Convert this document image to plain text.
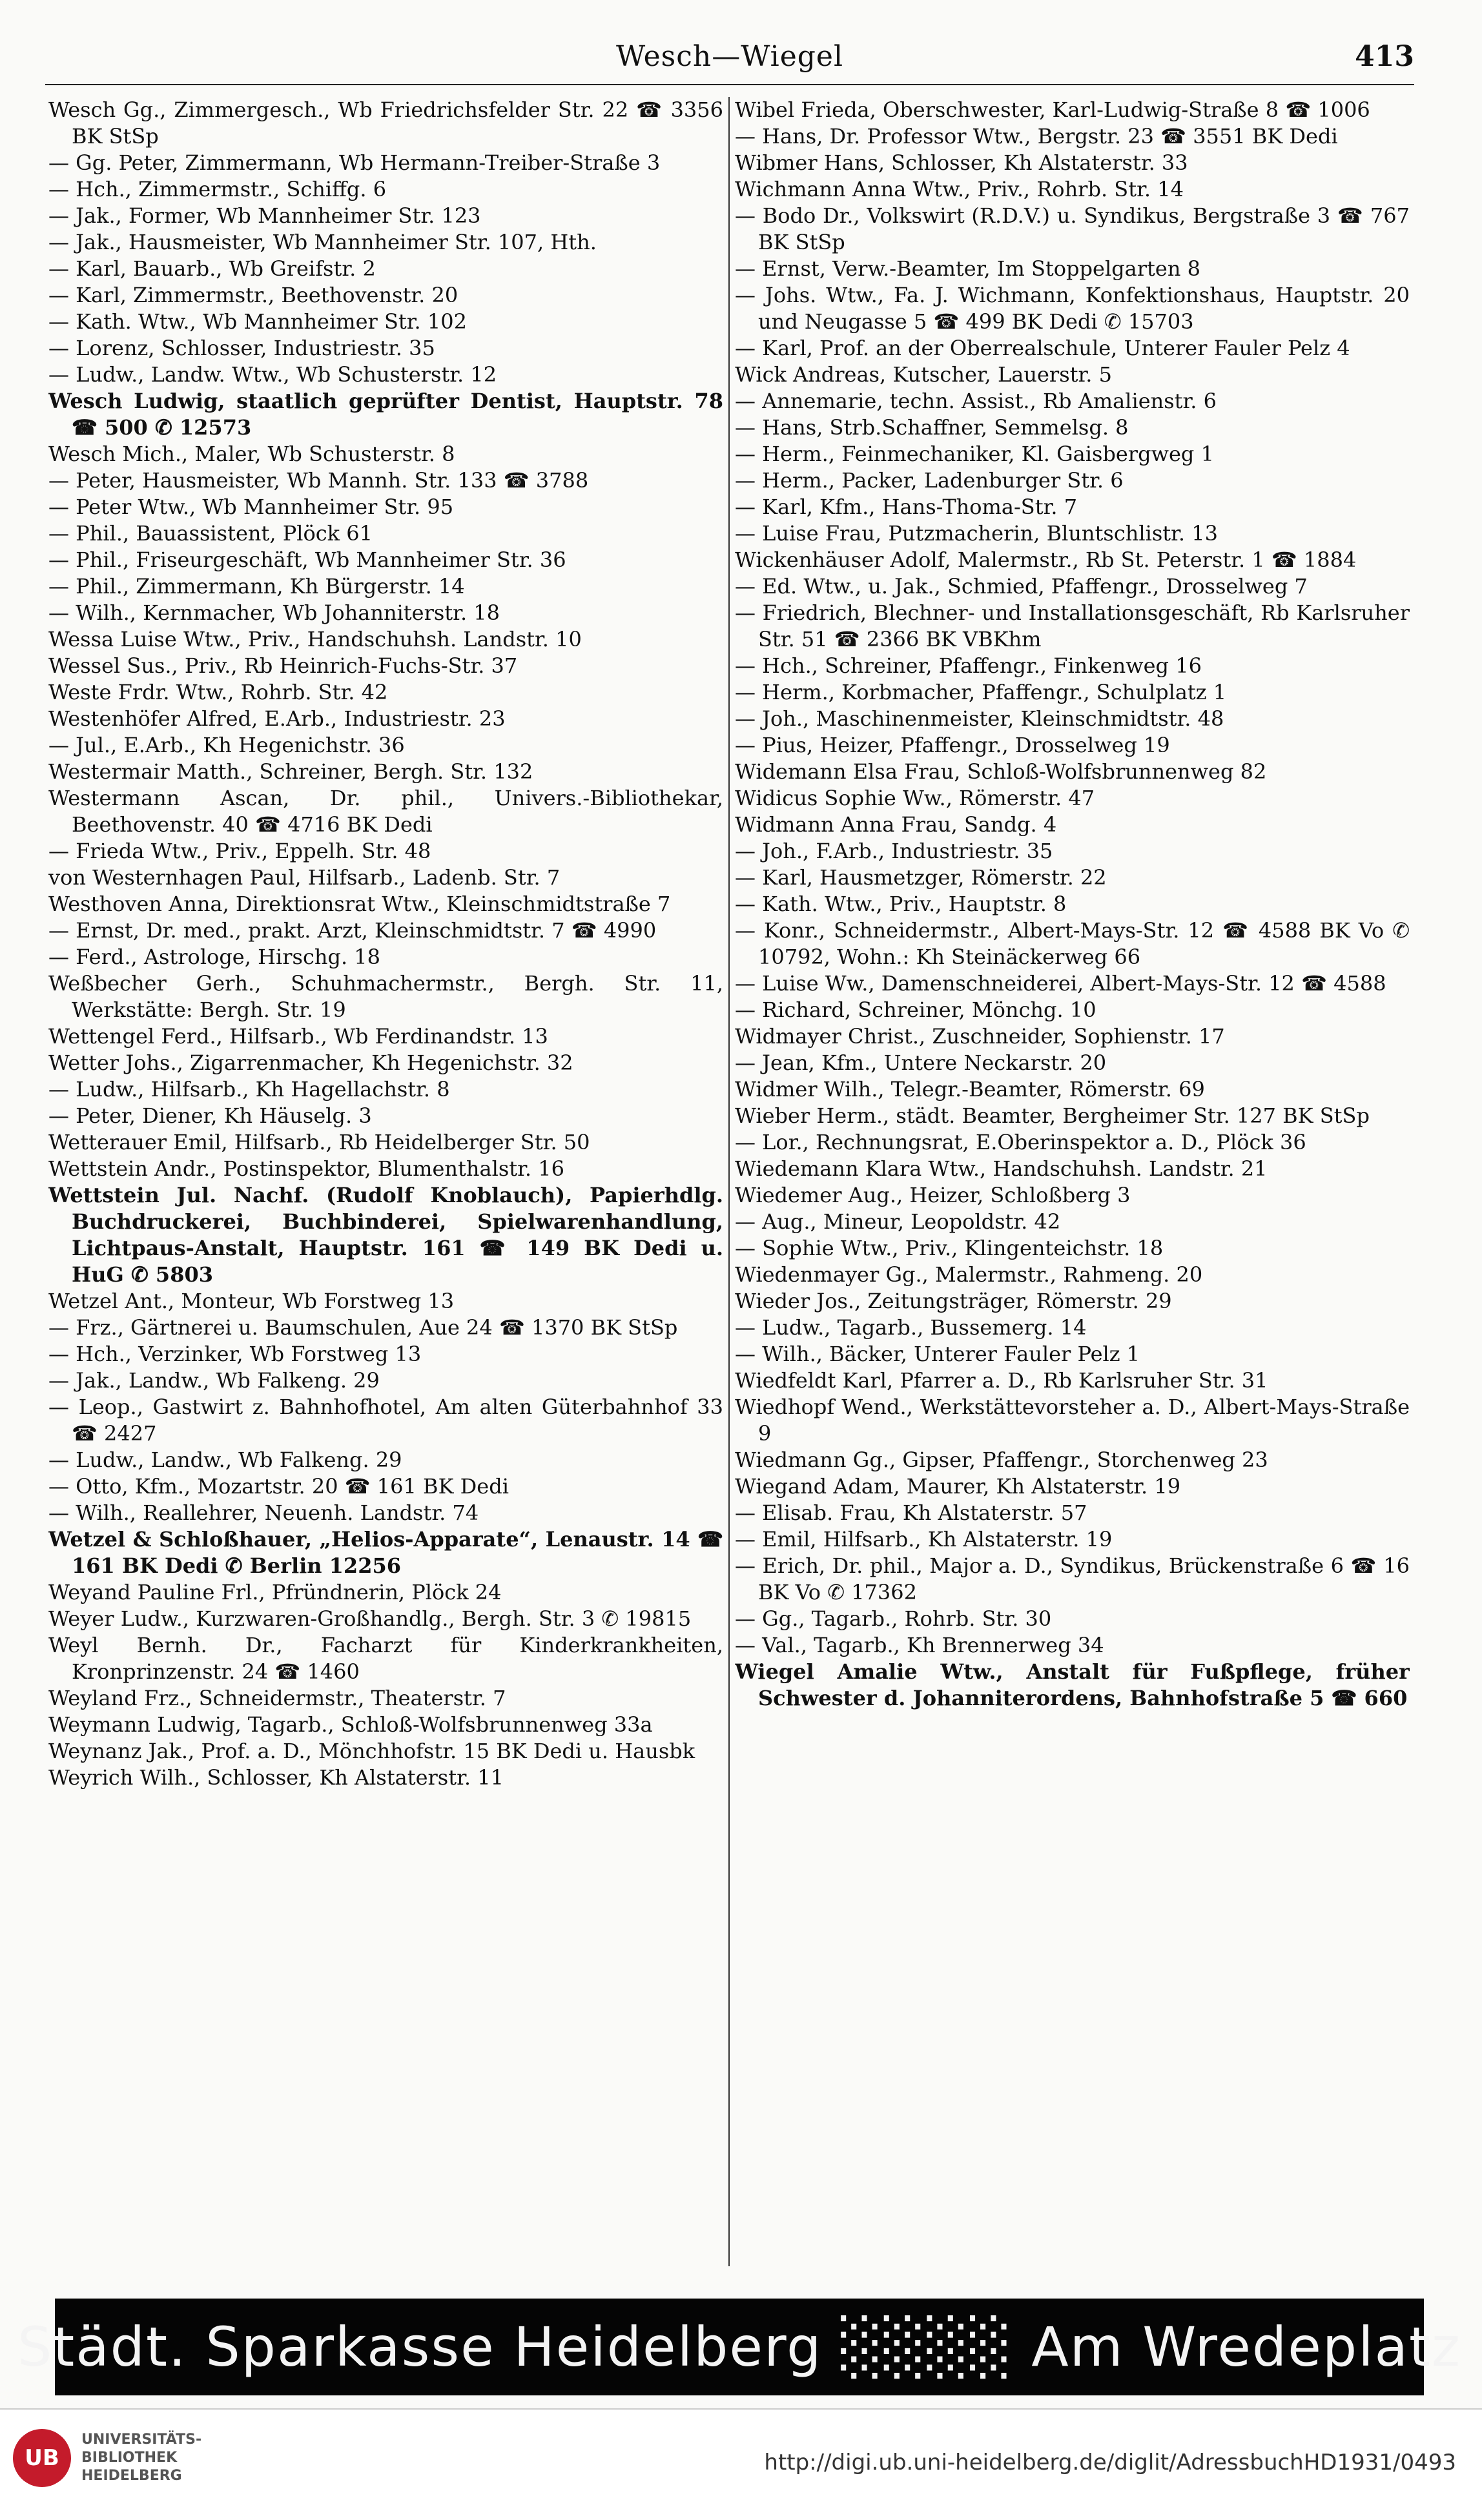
Wesch—Wiegel	413

Wesch Gg., Zimmergesch., Wb Friedrichsfelder Str. 22 ☎ 3356 BK StSp

— Gg. Peter, Zimmermann, Wb Hermann-Treiber-Straße 3

— Hch., Zimmermstr., Schiffg. 6

— Jak., Former, Wb Mannheimer Str. 123

— Jak., Hausmeister, Wb Mannheimer Str. 107, Hth.

— Karl, Bauarb., Wb Greifstr. 2

— Karl, Zimmermstr., Beethovenstr. 20

— Kath. Wtw., Wb Mannheimer Str. 102

— Lorenz, Schlosser, Industriestr. 35

— Ludw., Landw. Wtw., Wb Schusterstr. 12

Wesch Ludwig, staatlich geprüfter Dentist, Hauptstr. 78 ☎ 500 ✆ 12573

Wesch Mich., Maler, Wb Schusterstr. 8

— Peter, Hausmeister, Wb Mannh. Str. 133 ☎ 3788

— Peter Wtw., Wb Mannheimer Str. 95

— Phil., Bauassistent, Plöck 61

— Phil., Friseurgeschäft, Wb Mannheimer Str. 36

— Phil., Zimmermann, Kh Bürgerstr. 14

— Wilh., Kernmacher, Wb Johanniterstr. 18

Wessa Luise Wtw., Priv., Handschuhsh. Landstr. 10

Wessel Sus., Priv., Rb Heinrich-Fuchs-Str. 37

Weste Frdr. Wtw., Rohrb. Str. 42

Westenhöfer Alfred, E.Arb., Industriestr. 23

— Jul., E.Arb., Kh Hegenichstr. 36

Westermair Matth., Schreiner, Bergh. Str. 132

Westermann Ascan, Dr. phil., Univers.-Bibliothekar, Beethovenstr. 40 ☎ 4716 BK Dedi

— Frieda Wtw., Priv., Eppelh. Str. 48

von Westernhagen Paul, Hilfsarb., Ladenb. Str. 7

Westhoven Anna, Direktionsrat Wtw., Kleinschmidtstraße 7

— Ernst, Dr. med., prakt. Arzt, Kleinschmidtstr. 7 ☎ 4990

— Ferd., Astrologe, Hirschg. 18

Weßbecher Gerh., Schuhmachermstr., Bergh. Str. 11, Werkstätte: Bergh. Str. 19

Wettengel Ferd., Hilfsarb., Wb Ferdinandstr. 13

Wetter Johs., Zigarrenmacher, Kh Hegenichstr. 32

— Ludw., Hilfsarb., Kh Hagellachstr. 8

— Peter, Diener, Kh Häuselg. 3

Wetterauer Emil, Hilfsarb., Rb Heidelberger Str. 50

Wettstein Andr., Postinspektor, Blumenthalstr. 16

Wettstein Jul. Nachf. (Rudolf Knoblauch), Papierhdlg. Buchdruckerei, Buchbinderei, Spielwarenhandlung, Lichtpaus-Anstalt, Hauptstr. 161 ☎ 149 BK Dedi u. HuG ✆ 5803

Wetzel Ant., Monteur, Wb Forstweg 13

— Frz., Gärtnerei u. Baumschulen, Aue 24 ☎ 1370 BK StSp

— Hch., Verzinker, Wb Forstweg 13

— Jak., Landw., Wb Falkeng. 29

— Leop., Gastwirt z. Bahnhofhotel, Am alten Güterbahnhof 33 ☎ 2427

— Ludw., Landw., Wb Falkeng. 29

— Otto, Kfm., Mozartstr. 20 ☎ 161 BK Dedi

— Wilh., Reallehrer, Neuenh. Landstr. 74

Wetzel & Schloßhauer, „Helios-Apparate“, Lenaustr. 14 ☎ 161 BK Dedi ✆ Berlin 12256

Weyand Pauline Frl., Pfründnerin, Plöck 24

Weyer Ludw., Kurzwaren-Großhandlg., Bergh. Str. 3 ✆ 19815

Weyl Bernh. Dr., Facharzt für Kinderkrankheiten, Kronprinzenstr. 24 ☎ 1460

Weyland Frz., Schneidermstr., Theaterstr. 7

Weymann Ludwig, Tagarb., Schloß-Wolfsbrunnenweg 33a

Weynanz Jak., Prof. a. D., Mönchhofstr. 15 BK Dedi u. Hausbk

Weyrich Wilh., Schlosser, Kh Alstaterstr. 11

Wibel Frieda, Oberschwester, Karl-Ludwig-Straße 8 ☎ 1006

— Hans, Dr. Professor Wtw., Bergstr. 23 ☎ 3551 BK Dedi

Wibmer Hans, Schlosser, Kh Alstaterstr. 33

Wichmann Anna Wtw., Priv., Rohrb. Str. 14

— Bodo Dr., Volkswirt (R.D.V.) u. Syndikus, Bergstraße 3 ☎ 767 BK StSp

— Ernst, Verw.-Beamter, Im Stoppelgarten 8

— Johs. Wtw., Fa. J. Wichmann, Konfektionshaus, Hauptstr. 20 und Neugasse 5 ☎ 499 BK Dedi ✆ 15703

— Karl, Prof. an der Oberrealschule, Unterer Fauler Pelz 4

Wick Andreas, Kutscher, Lauerstr. 5

— Annemarie, techn. Assist., Rb Amalienstr. 6

— Hans, Strb.Schaffner, Semmelsg. 8

— Herm., Feinmechaniker, Kl. Gaisbergweg 1

— Herm., Packer, Ladenburger Str. 6

— Karl, Kfm., Hans-Thoma-Str. 7

— Luise Frau, Putzmacherin, Bluntschlistr. 13

Wickenhäuser Adolf, Malermstr., Rb St. Peterstr. 1 ☎ 1884

— Ed. Wtw., u. Jak., Schmied, Pfaffengr., Drosselweg 7

— Friedrich, Blechner- und Installationsgeschäft, Rb Karlsruher Str. 51 ☎ 2366 BK VBKhm

— Hch., Schreiner, Pfaffengr., Finkenweg 16

— Herm., Korbmacher, Pfaffengr., Schulplatz 1

— Joh., Maschinenmeister, Kleinschmidtstr. 48

— Pius, Heizer, Pfaffengr., Drosselweg 19

Widemann Elsa Frau, Schloß-Wolfsbrunnenweg 82

Widicus Sophie Ww., Römerstr. 47

Widmann Anna Frau, Sandg. 4

— Joh., F.Arb., Industriestr. 35

— Karl, Hausmetzger, Römerstr. 22

— Kath. Wtw., Priv., Hauptstr. 8

— Konr., Schneidermstr., Albert-Mays-Str. 12 ☎ 4588 BK Vo ✆ 10792, Wohn.: Kh Steinäckerweg 66

— Luise Ww., Damenschneiderei, Albert-Mays-Str. 12 ☎ 4588

— Richard, Schreiner, Mönchg. 10

Widmayer Christ., Zuschneider, Sophienstr. 17

— Jean, Kfm., Untere Neckarstr. 20

Widmer Wilh., Telegr.-Beamter, Römerstr. 69

Wieber Herm., städt. Beamter, Bergheimer Str. 127 BK StSp

— Lor., Rechnungsrat, E.Oberinspektor a. D., Plöck 36

Wiedemann Klara Wtw., Handschuhsh. Landstr. 21

Wiedemer Aug., Heizer, Schloßberg 3

— Aug., Mineur, Leopoldstr. 42

— Sophie Wtw., Priv., Klingenteichstr. 18

Wiedenmayer Gg., Malermstr., Rahmeng. 20

Wieder Jos., Zeitungsträger, Römerstr. 29

— Ludw., Tagarb., Bussemerg. 14

— Wilh., Bäcker, Unterer Fauler Pelz 1

Wiedfeldt Karl, Pfarrer a. D., Rb Karlsruher Str. 31

Wiedhopf Wend., Werkstättevorsteher a. D., Albert-Mays-Straße 9

Wiedmann Gg., Gipser, Pfaffengr., Storchenweg 23

Wiegand Adam, Maurer, Kh Alstaterstr. 19

— Elisab. Frau, Kh Alstaterstr. 57

— Emil, Hilfsarb., Kh Alstaterstr. 19

— Erich, Dr. phil., Major a. D., Syndikus, Brückenstraße 6 ☎ 16 BK Vo ✆ 17362

— Gg., Tagarb., Rohrb. Str. 30

— Val., Tagarb., Kh Brennerweg 34

Wiegel Amalie Wtw., Anstalt für Fußpflege, früher Schwester d. Johanniterordens, Bahnhofstraße 5 ☎ 660

Städt. Sparkasse Heidelberg ░░░░ Am Wredeplatz
UB
UNIVERSITÄTS-
BIBLIOTHEK
HEIDELBERG
http://digi.ub.uni-heidelberg.de/diglit/AdressbuchHD1931/0493
